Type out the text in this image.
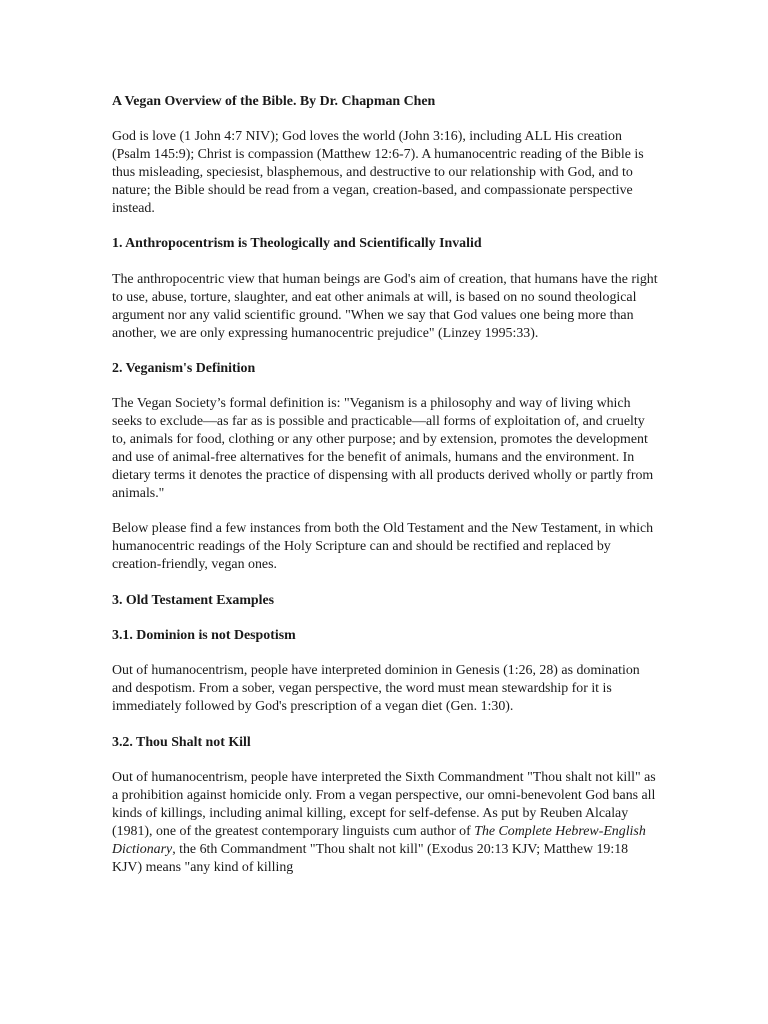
A Vegan Overview of the Bible. By Dr. Chapman Chen

God is love (1 John 4:7 NIV); God loves the world (John 3:16), including ALL His creation (Psalm 145:9); Christ is compassion (Matthew 12:6-7). A humanocentric reading of the Bible is thus misleading, speciesist, blasphemous, and destructive to our relationship with God, and to nature; the Bible should be read from a vegan, creation-based, and compassionate perspective instead.

1. Anthropocentrism is Theologically and Scientifically Invalid

The anthropocentric view that human beings are God's aim of creation, that humans have the right to use, abuse, torture, slaughter, and eat other animals at will, is based on no sound theological argument nor any valid scientific ground. "When we say that God values one being more than another, we are only expressing humanocentric prejudice" (Linzey 1995:33).

2. Veganism's Definition

The Vegan Society’s formal definition is: "Veganism is a philosophy and way of living which seeks to exclude—as far as is possible and practicable—all forms of exploitation of, and cruelty to, animals for food, clothing or any other purpose; and by extension, promotes the development and use of animal-free alternatives for the benefit of animals, humans and the environment. In dietary terms it denotes the practice of dispensing with all products derived wholly or partly from animals."

Below please find a few instances from both the Old Testament and the New Testament, in which humanocentric readings of the Holy Scripture can and should be rectified and replaced by creation-friendly, vegan ones.

3. Old Testament Examples
3.1. Dominion is not Despotism

Out of humanocentrism, people have interpreted dominion in Genesis (1:26, 28) as domination and despotism. From a sober, vegan perspective, the word must mean stewardship for it is immediately followed by God's prescription of a vegan diet (Gen. 1:30).

3.2. Thou Shalt not Kill

Out of humanocentrism, people have interpreted the Sixth Commandment "Thou shalt not kill" as a prohibition against homicide only. From a vegan perspective, our omni-benevolent God bans all kinds of killings, including animal killing, except for self-defense. As put by Reuben Alcalay (1981), one of the greatest contemporary linguists cum author of The Complete Hebrew-English Dictionary, the 6th Commandment "Thou shalt not kill" (Exodus 20:13 KJV; Matthew 19:18 KJV) means "any kind of killing
